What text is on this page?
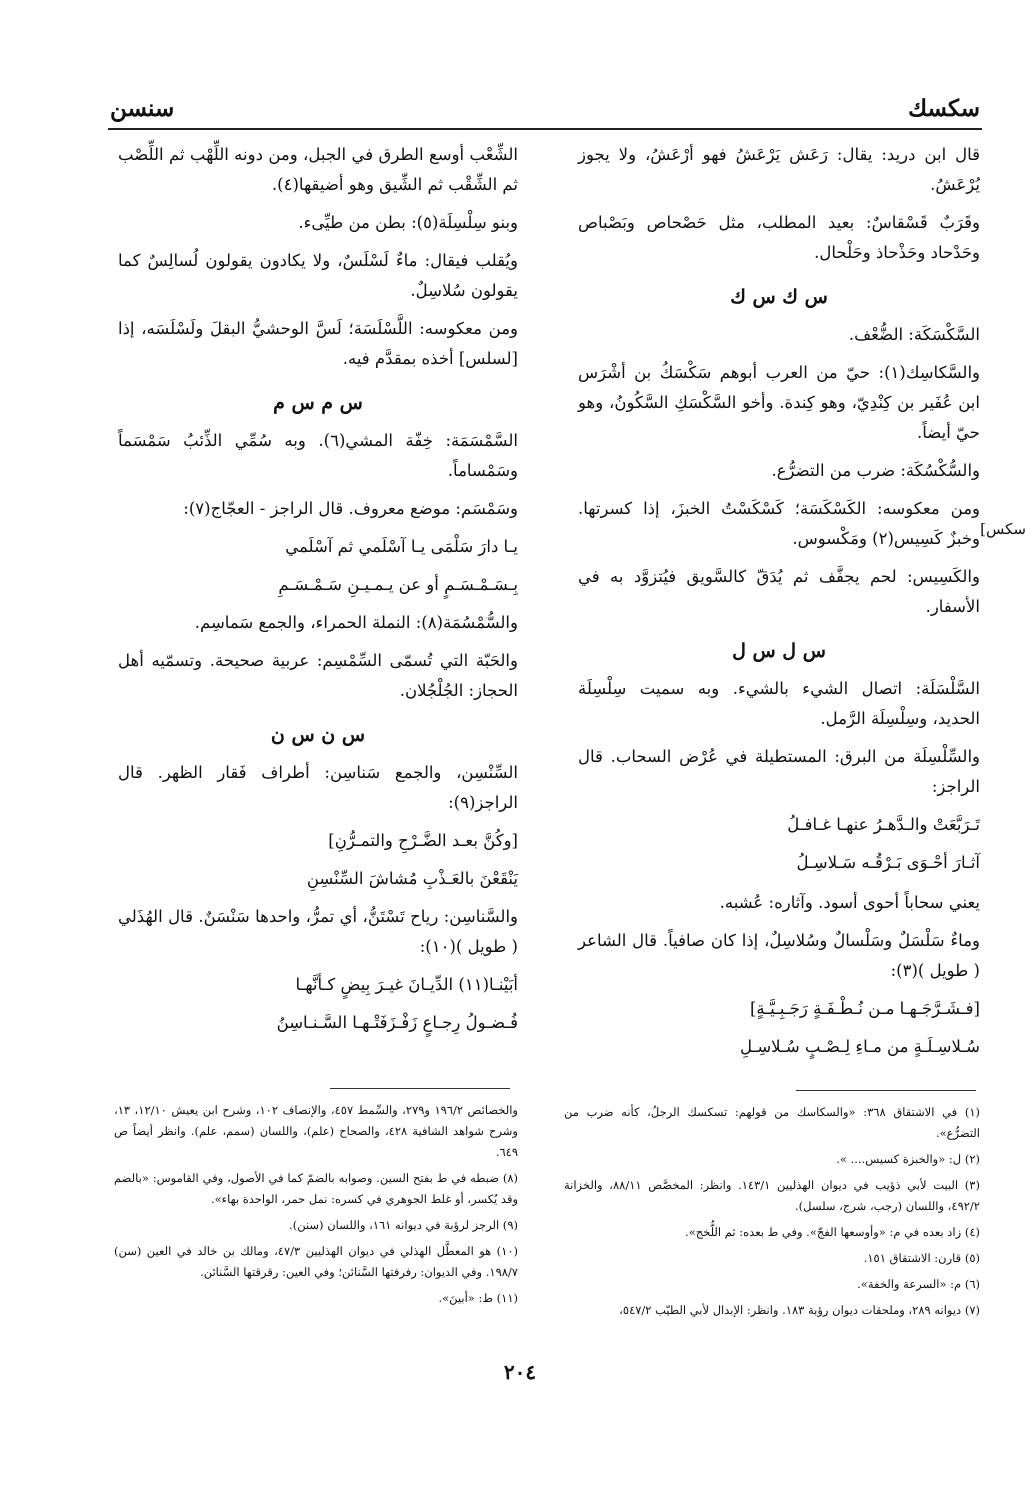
سكسك
سنسن

قال ابن دريد: يقال: رَعَش يَرْعَشُ فهو أرْعَشُ، ولا يجوز يُرْعَشُ.

وقَرَبٌ قَسْقاسٌ: بعيد المطلب، مثل حَصْحاص وبَصْباص وحَدْحاد وحَذْحاذ وحَلْحال.

س ك س ك

السَّكْسَكَة: الضُّعْف.

والسَّكاسِك(١): حيّ من العرب أبوهم سَكْسَكُ بن أشْرَس ابن عُفَير بن كِنْدِيّ، وهو كِندة. وأخو السَّكْسَكِ السَّكُونُ، وهو حيّ أيضاً.

والسُّكْسُكَة: ضرب من التضرُّع.

ومن معكوسه: الكَسْكَسَة؛ كَسْكَسْتُ الخبزَ، إذا كسرتها. وخبزٌ كَسِيس(٢) ومَكْسوس.

والكَسِيس: لحم يجفَّف ثم يُدَقّ كالسَّويق فيُتزوَّد به في الأسفار.

س ل س ل

السَّلْسَلَة: اتصال الشيء بالشيء. وبه سميت سِلْسِلَة الحديد، وسِلْسِلَة الرَّمل.

والسِّلْسِلَة من البرق: المستطيلة في عُرْض السحاب. قال الراجز:

تَـرَبَّعَتْ والـدَّهـرُ عنهـا غـافـلُ

آثـارَ أحْـوَى بَـرْقُـه سَـلاسِـلُ

يعني سحاباً أحوى أسود. وآثاره: عُشبه.

وماءٌ سَلْسَلٌ وسَلْسالٌ وسُلاسِلٌ، إذا كان صافياً. قال الشاعر ( طويل )(٣):

[فـشَـرَّجَـهـا مـن نُـطْـفَـةٍ رَجَـبِـيَّـةٍ]

سُـلاسِـلَـةٍ من مـاءِ لِـصْـبٍ سُـلاسِـلِ

سكس]

الشِّعْب أوسع الطرق في الجبل، ومن دونه اللِّهْب ثم اللِّصْب ثم الشِّقْب ثم الشِّيق وهو أضيقها(٤).

وبنو سِلْسِلَة(٥): بطن من طيِّىء.

ويُقلب فيقال: ماءٌ لَسْلَسٌ، ولا يكادون يقولون لُسالِسٌ كما يقولون سُلاسِلٌ.

ومن معكوسه: اللَّسْلَسَة؛ لَسَّ الوحشيُّ البقلَ ولَسْلَسَه، إذا [لسلس] أخذه بمقدَّم فيه.

س م س م

السَّمْسَمَة: خِفّة المشي(٦). وبه سُمِّي الذِّئبُ سَمْسَماً وسَمْساماً.

وسَمْسَم: موضع معروف. قال الراجز - العجّاج(٧):

يـا دارَ سَلْمَى يـا آسْلَمي ثم آسْلَمي

بِـسَـمْـسَـمٍ أو عن يـمـيـنِ سَـمْـسَـمِ

والسُّمْسُمَة(٨): النملة الحمراء، والجمع سَماسِم.

والحَبّة التي تُسمّى السِّمْسِم: عربية صحيحة. وتسمّيه أهل الحجاز: الجُلْجُلان.

س ن س ن

السِّنْسِن، والجمع سَناسِن: أطراف فَقار الظهر. قال الراجز(٩):

[وكُنَّ بعـد الضَّـرْحِ والتمـرُّنِ]

يَنْقَعْنَ بالعَـذْبِ مُشاشَ السِّنْسِنِ

والسَّناسِن: رياح تَسْتَنُّ، أي تمرُّ، واحدها سَنْسَنٌ. قال الهُذَلي ( طويل )(١٠):

أبَيْنـا(١١) الدِّيـانَ غيـرَ بِيضٍ كـأنَّهـا

فُـضـولُ رِجـاعٍ زَفْـزَفَتْـهـا السَّـنـاسِنُ

(١) في الاشتقاق ٣٦٨: «والسكاسك من قولهم: تسكسك الرجلُ، كأنه ضرب من التضرُّع».

(٢) ل: «والخبزة كسيس.... ».

(٣) البيت لأبي ذؤيب في ديوان الهذليين ١٤٣/١. وانظر: المخصَّص ٨٨/١١، والخزانة ٤٩٢/٢، واللسان (رجب، شرج، سلسل).

(٤) زاد بعده في م: «وأوسعها الفجّ». وفي ط بعده: ثم اللُّخج».

(٥) قارن: الاشتقاق ١٥١.

(٦) م: «السرعة والخفة».

(٧) ديوانه ٢٨٩، وملحقات ديوان رؤبة ١٨٣. وانظر: الإبدال لأبي الطيّب ٥٤٧/٢،

والخصائص ١٩٦/٢ و٢٧٩، والسِّمط ٤٥٧، والإنصاف ١٠٢، وشرح ابن يعيش ١٢/١٠، ١٣، وشرح شواهد الشافية ٤٢٨، والصحاح (علم)، واللسان (سمم، علم). وانظر أيضاً ص ٦٤٩.

(٨) ضبطه في ط بفتح السين. وصوابه بالضمّ كما في الأصول، وفي القاموس: «بالضم وقد يُكسر، أو غلط الجوهري في كسره: نمل حمر، الواحدة بهاء».

(٩) الرجز لرؤبة في ديوانه ١٦١، واللسان (سنن).

(١٠) هو المعطَّل الهذلي في ديوان الهذليين ٤٧/٣، ومالك بن خالد في العين (سن) ١٩٨/٧. وفي الديوان: رفرفتها السَّنائن؛ وفي العين: رقرقتها السَّنائن.

(١١) ط: «أبينَ».

٢٠٤
